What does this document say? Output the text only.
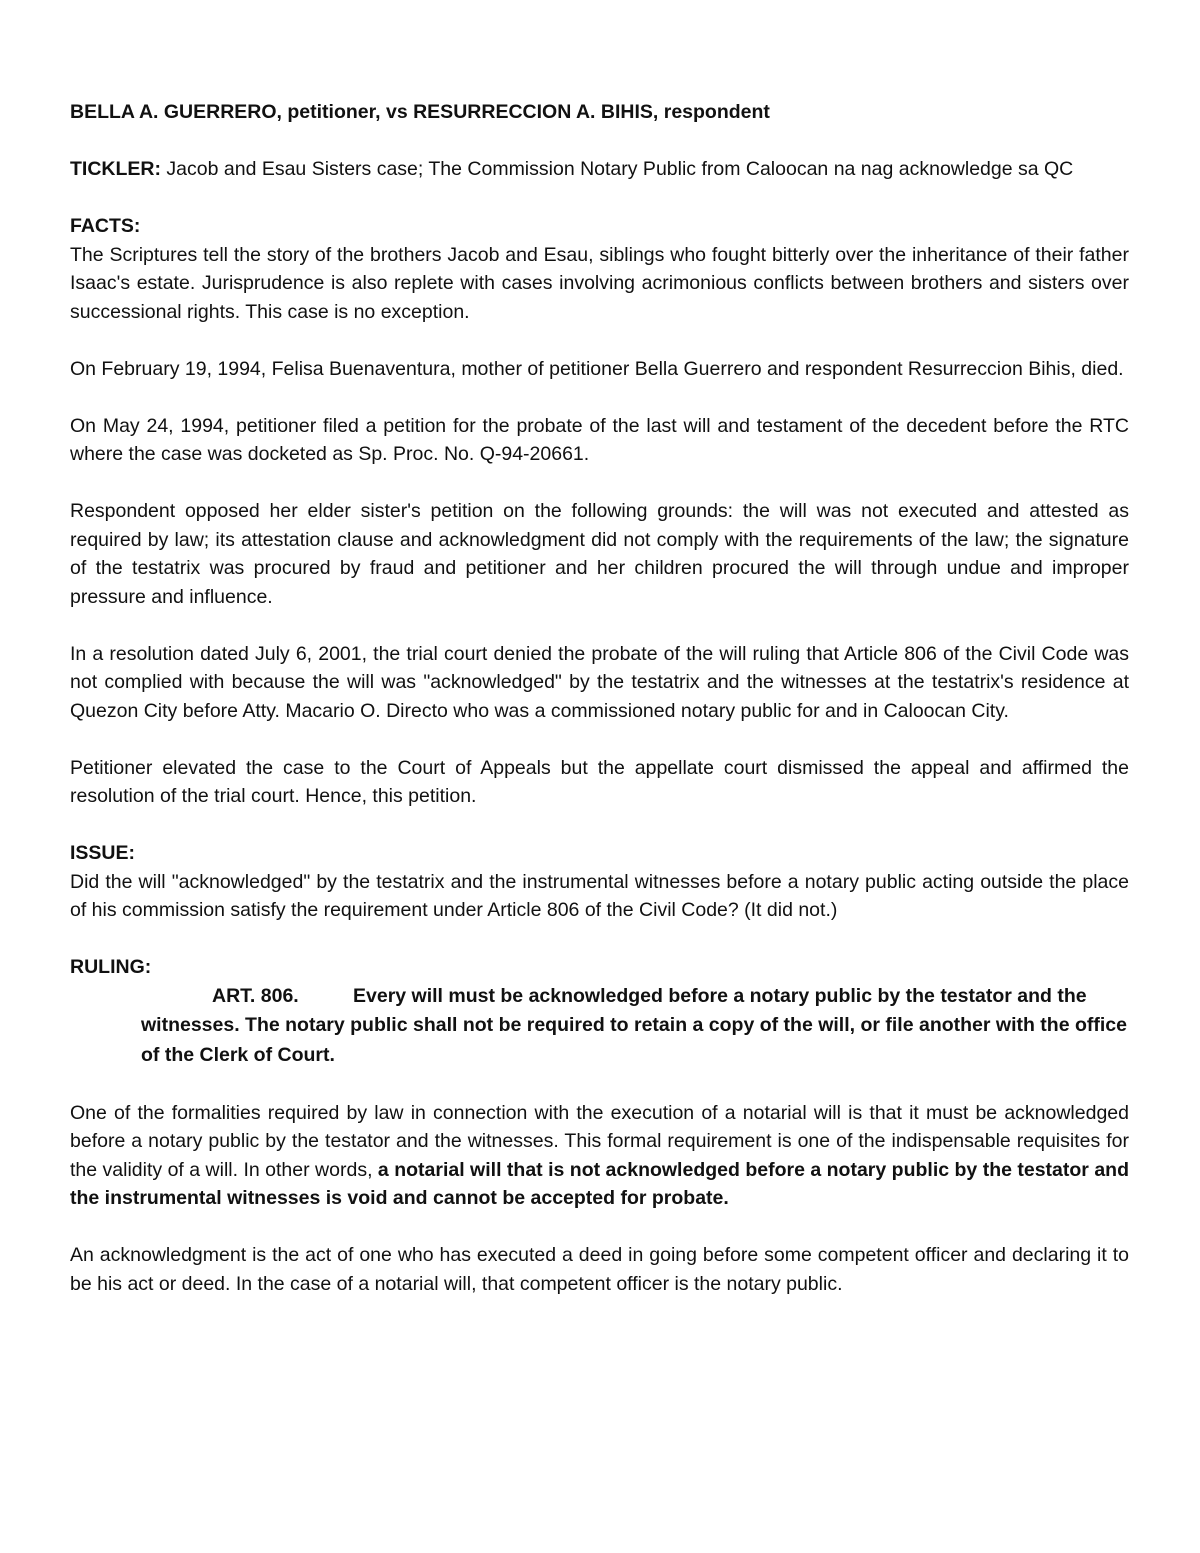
BELLA A. GUERRERO, petitioner, vs RESURRECCION A. BIHIS, respondent

TICKLER: Jacob and Esau Sisters case; The Commission Notary Public from Caloocan na nag acknowledge sa QC

FACTS:

The Scriptures tell the story of the brothers Jacob and Esau, siblings who fought bitterly over the inheritance of their father Isaac's estate. Jurisprudence is also replete with cases involving acrimonious conflicts between brothers and sisters over successional rights. This case is no exception.

On February 19, 1994, Felisa Buenaventura, mother of petitioner Bella Guerrero and respondent Resurreccion Bihis, died.

On May 24, 1994, petitioner filed a petition for the probate of the last will and testament of the decedent before the RTC where the case was docketed as Sp. Proc. No. Q-94-20661.

Respondent opposed her elder sister's petition on the following grounds: the will was not executed and attested as required by law; its attestation clause and acknowledgment did not comply with the requirements of the law; the signature of the testatrix was procured by fraud and petitioner and her children procured the will through undue and improper pressure and influence.

In a resolution dated July 6, 2001, the trial court denied the probate of the will ruling that Article 806 of the Civil Code was not complied with because the will was "acknowledged" by the testatrix and the witnesses at the testatrix's residence at Quezon City before Atty. Macario O. Directo who was a commissioned notary public for and in Caloocan City.

Petitioner elevated the case to the Court of Appeals but the appellate court dismissed the appeal and affirmed the resolution of the trial court. Hence, this petition.

ISSUE:

Did the will "acknowledged" by the testatrix and the instrumental witnesses before a notary public acting outside the place of his commission satisfy the requirement under Article 806 of the Civil Code? (It did not.)

RULING:

ART. 806.	Every will must be acknowledged before a notary public by the testator and the witnesses. The notary public shall not be required to retain a copy of the will, or file another with the office of the Clerk of Court.

One of the formalities required by law in connection with the execution of a notarial will is that it must be acknowledged before a notary public by the testator and the witnesses. This formal requirement is one of the indispensable requisites for the validity of a will. In other words, a notarial will that is not acknowledged before a notary public by the testator and the instrumental witnesses is void and cannot be accepted for probate.

An acknowledgment is the act of one who has executed a deed in going before some competent officer and declaring it to be his act or deed. In the case of a notarial will, that competent officer is the notary public.
